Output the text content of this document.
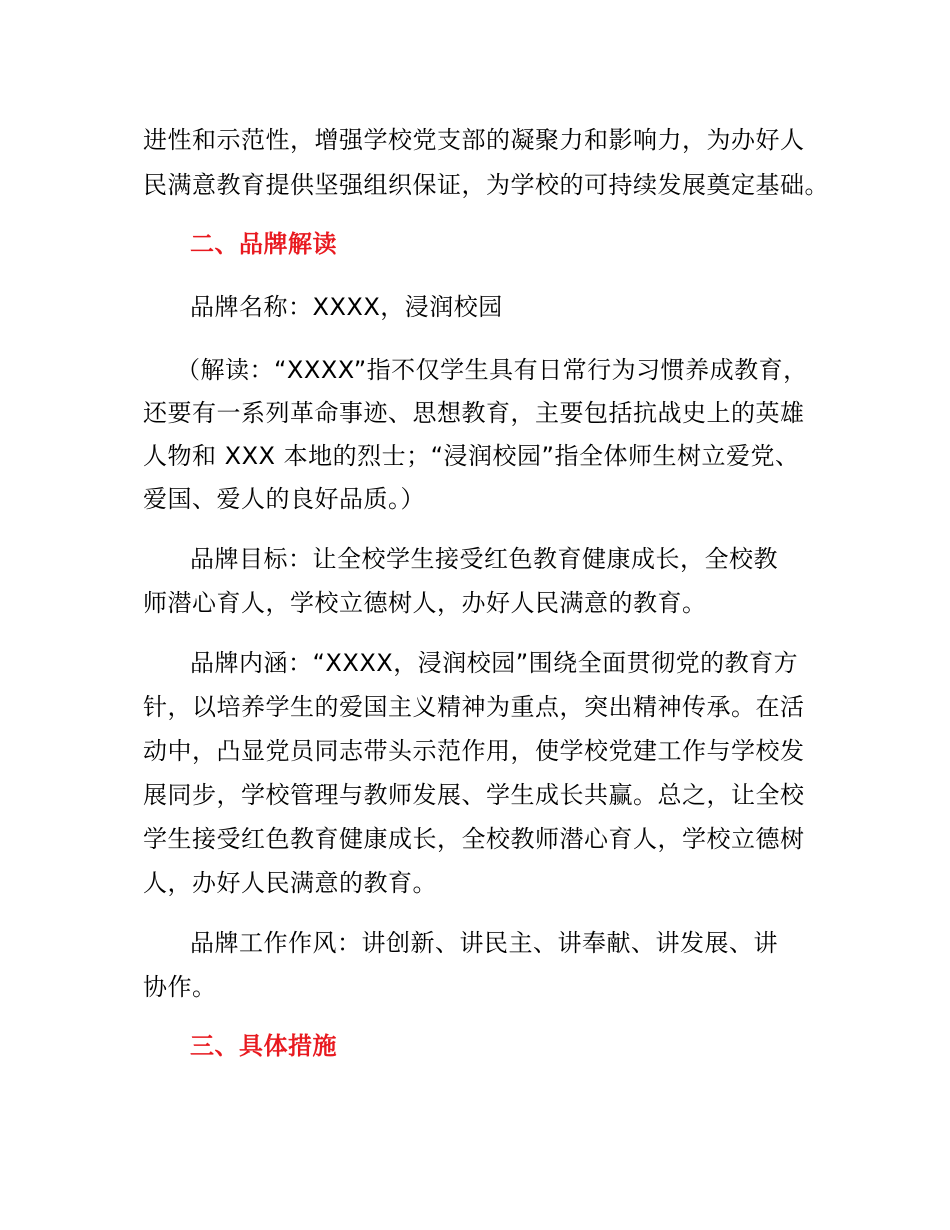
进性和示范性，增强学校党支部的凝聚力和影响力，为办好人

民满意教育提供坚强组织保证，为学校的可持续发展奠定基础。

二、品牌解读

品牌名称：XXXX，浸润校园

（解读：“XXXX”指不仅学生具有日常行为习惯养成教育，

还要有一系列革命事迹、思想教育，主要包括抗战史上的英雄

人物和 XXX 本地的烈士；“浸润校园”指全体师生树立爱党、

爱国、爱人的良好品质。）

品牌目标：让全校学生接受红色教育健康成长，全校教

师潜心育人，学校立德树人，办好人民满意的教育。

品牌内涵：“XXXX，浸润校园”围绕全面贯彻党的教育方

针，以培养学生的爱国主义精神为重点，突出精神传承。在活

动中，凸显党员同志带头示范作用，使学校党建工作与学校发

展同步，学校管理与教师发展、学生成长共赢。总之，让全校

学生接受红色教育健康成长，全校教师潜心育人，学校立德树

人，办好人民满意的教育。

品牌工作作风：讲创新、讲民主、讲奉献、讲发展、讲

协作。

三、具体措施
